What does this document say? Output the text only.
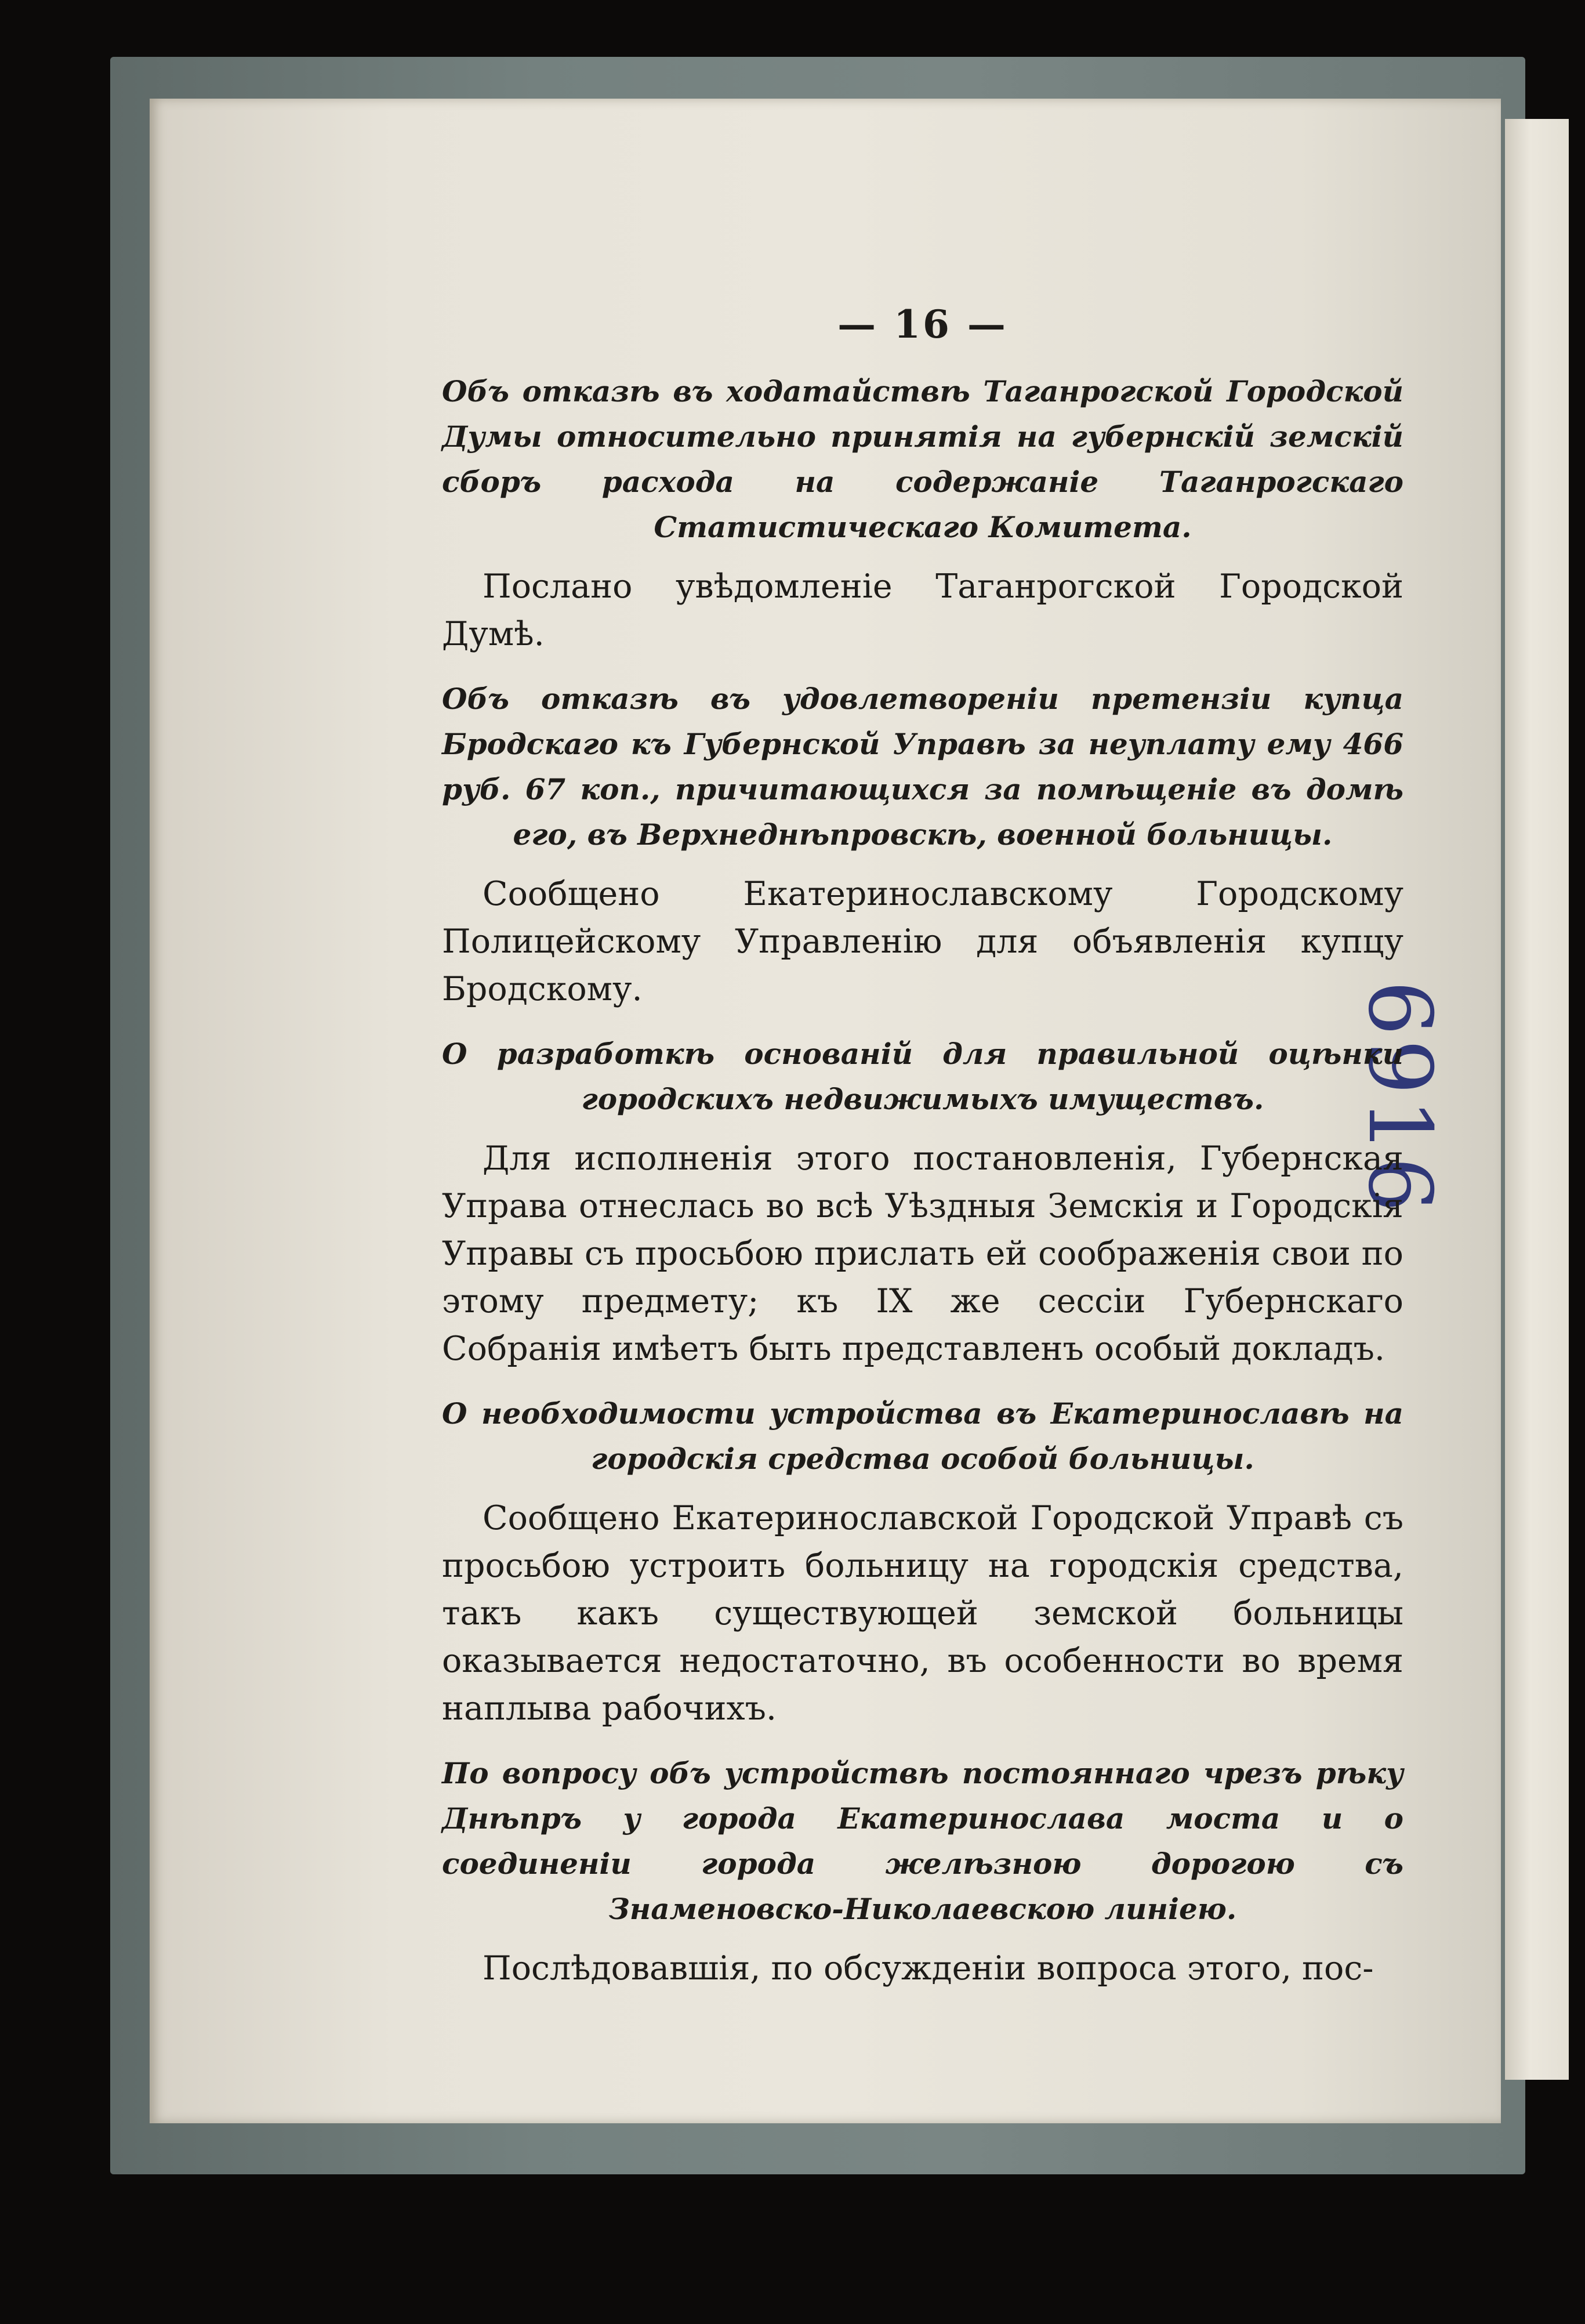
6916
— 16 —
Объ отказѣ въ ходатайствѣ Таганрогской Городской Думы относительно принятія на губернскій земскій сборъ расхода на содержаніе Таганрогскаго Статистическаго Комитета.

Послано увѣдомленіе Таганрогской Городской Думѣ.

Объ отказѣ въ удовлетвореніи претензіи купца Бродскаго къ Губернской Управѣ за неуплату ему 466 руб. 67 коп., причитающихся за помѣщеніе въ домѣ его, въ Верхнеднѣпровскѣ, военной больницы.

Сообщено Екатеринославскому Городскому Полицейскому Управленію для объявленія купцу Бродскому.

О разработкѣ основаній для правильной оцѣнки городскихъ недвижимыхъ имуществъ.

Для исполненія этого постановленія, Губернская Управа отнеслась во всѣ Уѣздныя Земскія и Городскія Управы съ просьбою прислать ей соображенія свои по этому предмету; къ IX же сессіи Губернскаго Собранія имѣетъ быть представленъ особый докладъ.

О необходимости устройства въ Екатеринославѣ на городскія средства особой больницы.

Сообщено Екатеринославской Городской Управѣ съ просьбою устроить больницу на городскія средства, такъ какъ существующей земской больницы оказывается недостаточно, въ особенности во время наплыва рабочихъ.

По вопросу объ устройствѣ постояннаго чрезъ рѣку Днѣпръ у города Екатеринослава моста и о соединеніи города желѣзною дорогою съ Знаменовско-Николаевскою линіею.

Послѣдовавшія, по обсужденіи вопроса этого, пос-
